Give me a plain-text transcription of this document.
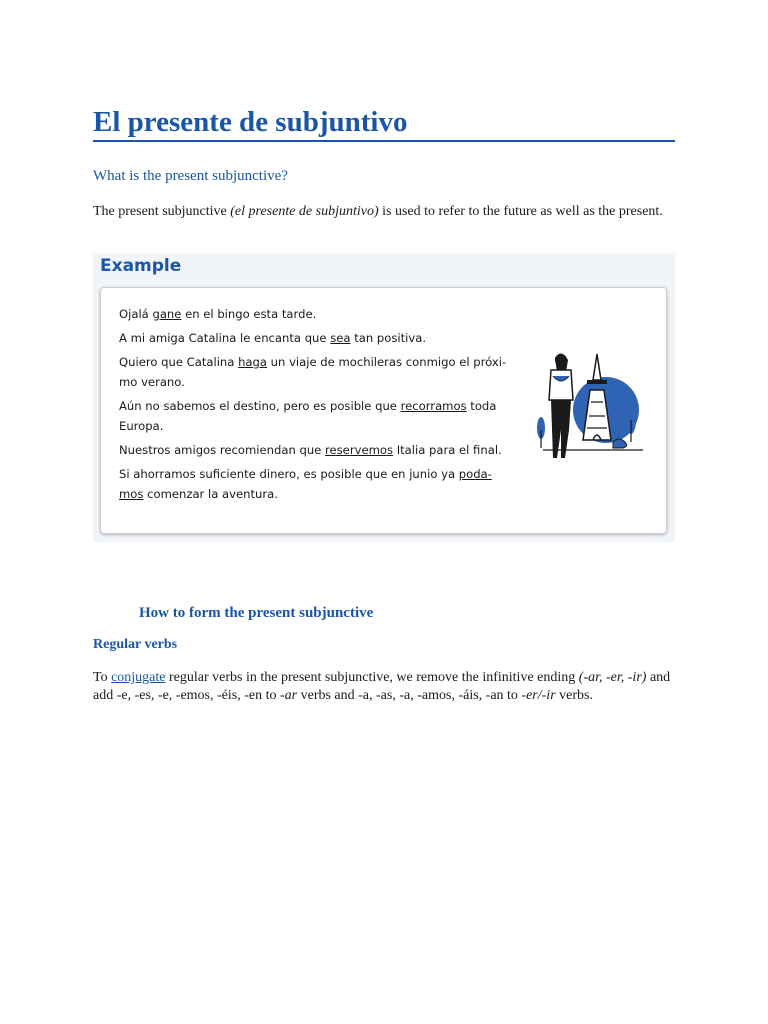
El presente de subjuntivo
What is the present subjunctive?
The present subjunctive (el presente de subjuntivo) is used to refer to the future as well as the present.
Example
Ojalá gane en el bingo esta tarde.
A mi amiga Catalina le encanta que sea tan positiva.
Quiero que Catalina haga un viaje de mochileras conmigo el próxi-mo verano.
Aún no sabemos el destino, pero es posible que recorramos toda Europa.
Nuestros amigos recomiendan que reservemos Italia para el final.
Si ahorramos suficiente dinero, es posible que en junio ya poda-mos comenzar la aventura.
How to form the present subjunctive
Regular verbs
To conjugate regular verbs in the present subjunctive, we remove the infinitive ending (-ar, -er, -ir) and add -e, -es, -e, -emos, -éis, -en to -ar verbs and -a, -as, -a, -amos, -áis, -an to -er/-ir verbs.
